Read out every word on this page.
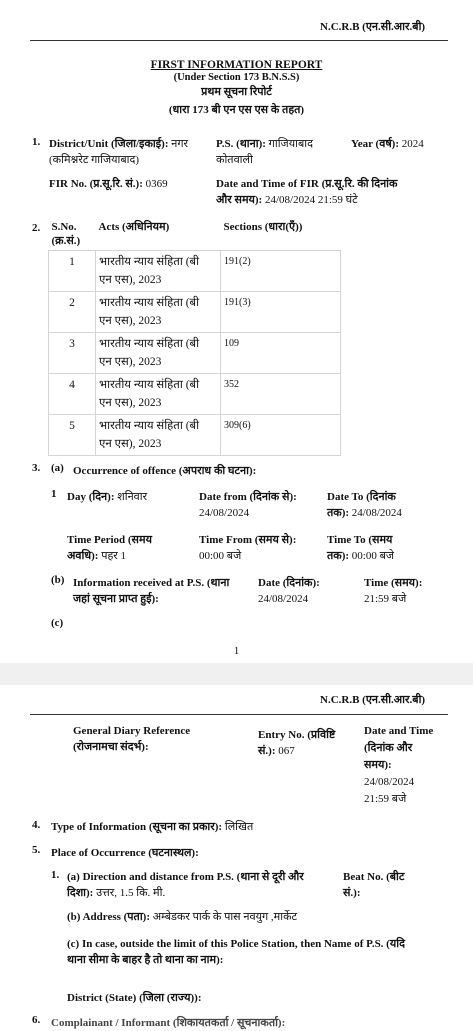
N.C.R.B (एन.सी.आर.बी)
FIRST INFORMATION REPORT
(Under Section 173 B.N.S.S)
प्रथम सूचना रिपोर्ट
(धारा 173 बी एन एस एस के तहत)
1. District/Unit (जिला/इकाई): नगर
(कमिश्नरेट गाजियाबाद)
P.S. (थाना): गाजियाबाद
कोतवाली
Year (वर्ष): 2024
FIR No. (प्र.सू.रि. सं.): 0369	Date and Time of FIR (प्र.सू.रि. की दिनांक
और समय): 24/08/2024 21:59 घंटे
2. S.No.
(क्र.सं.)	Acts (अधिनियम)	Sections (धारा(एँ))
1	भारतीय न्याय संहिता (बी
एन एस), 2023	191(2)
2	भारतीय न्याय संहिता (बी
एन एस), 2023	191(3)
3	भारतीय न्याय संहिता (बी
एन एस), 2023	109
4	भारतीय न्याय संहिता (बी
एन एस), 2023	352
5	भारतीय न्याय संहिता (बी
एन एस), 2023	309(6)
3. (a) Occurrence of offence (अपराध की घटना):
1 Day (दिन): शनिवार	Date from (दिनांक से):
24/08/2024
Date To (दिनांक
तक): 24/08/2024
Time Period (समय
अवधि): पहर 1
Time From (समय से):
00:00 बजे
Time To (समय
तक): 00:00 बजे
(b) Information received at P.S. (थाना
जहां सूचना प्राप्त हुई):
Date (दिनांक):
24/08/2024
Time (समय):
21:59 बजे
(c)
1
N.C.R.B (एन.सी.आर.बी)
General Diary Reference
(रोजनामचा संदर्भ):
Entry No. (प्रविष्टि
सं.): 067
Date and Time
(दिनांक और
समय):
24/08/2024
21:59 बजे
4. Type of Information (सूचना का प्रकार): लिखित
5. Place of Occurrence (घटनास्थल):
1. (a) Direction and distance from P.S. (थाना से दूरी और
दिशा): उत्तर, 1.5 कि. मी.
Beat No. (बीट
सं.):
(b) Address (पता): अम्बेडकर पार्क के पास नवयुग ,मार्केट
(c) In case, outside the limit of this Police Station, then Name of P.S. (यदि
थाना सीमा के बाहर है तो थाना का नाम):
District (State) (जिला (राज्य)):
6. Complainant / Informant (शिकायतकर्ता / सूचनाकर्ता):
